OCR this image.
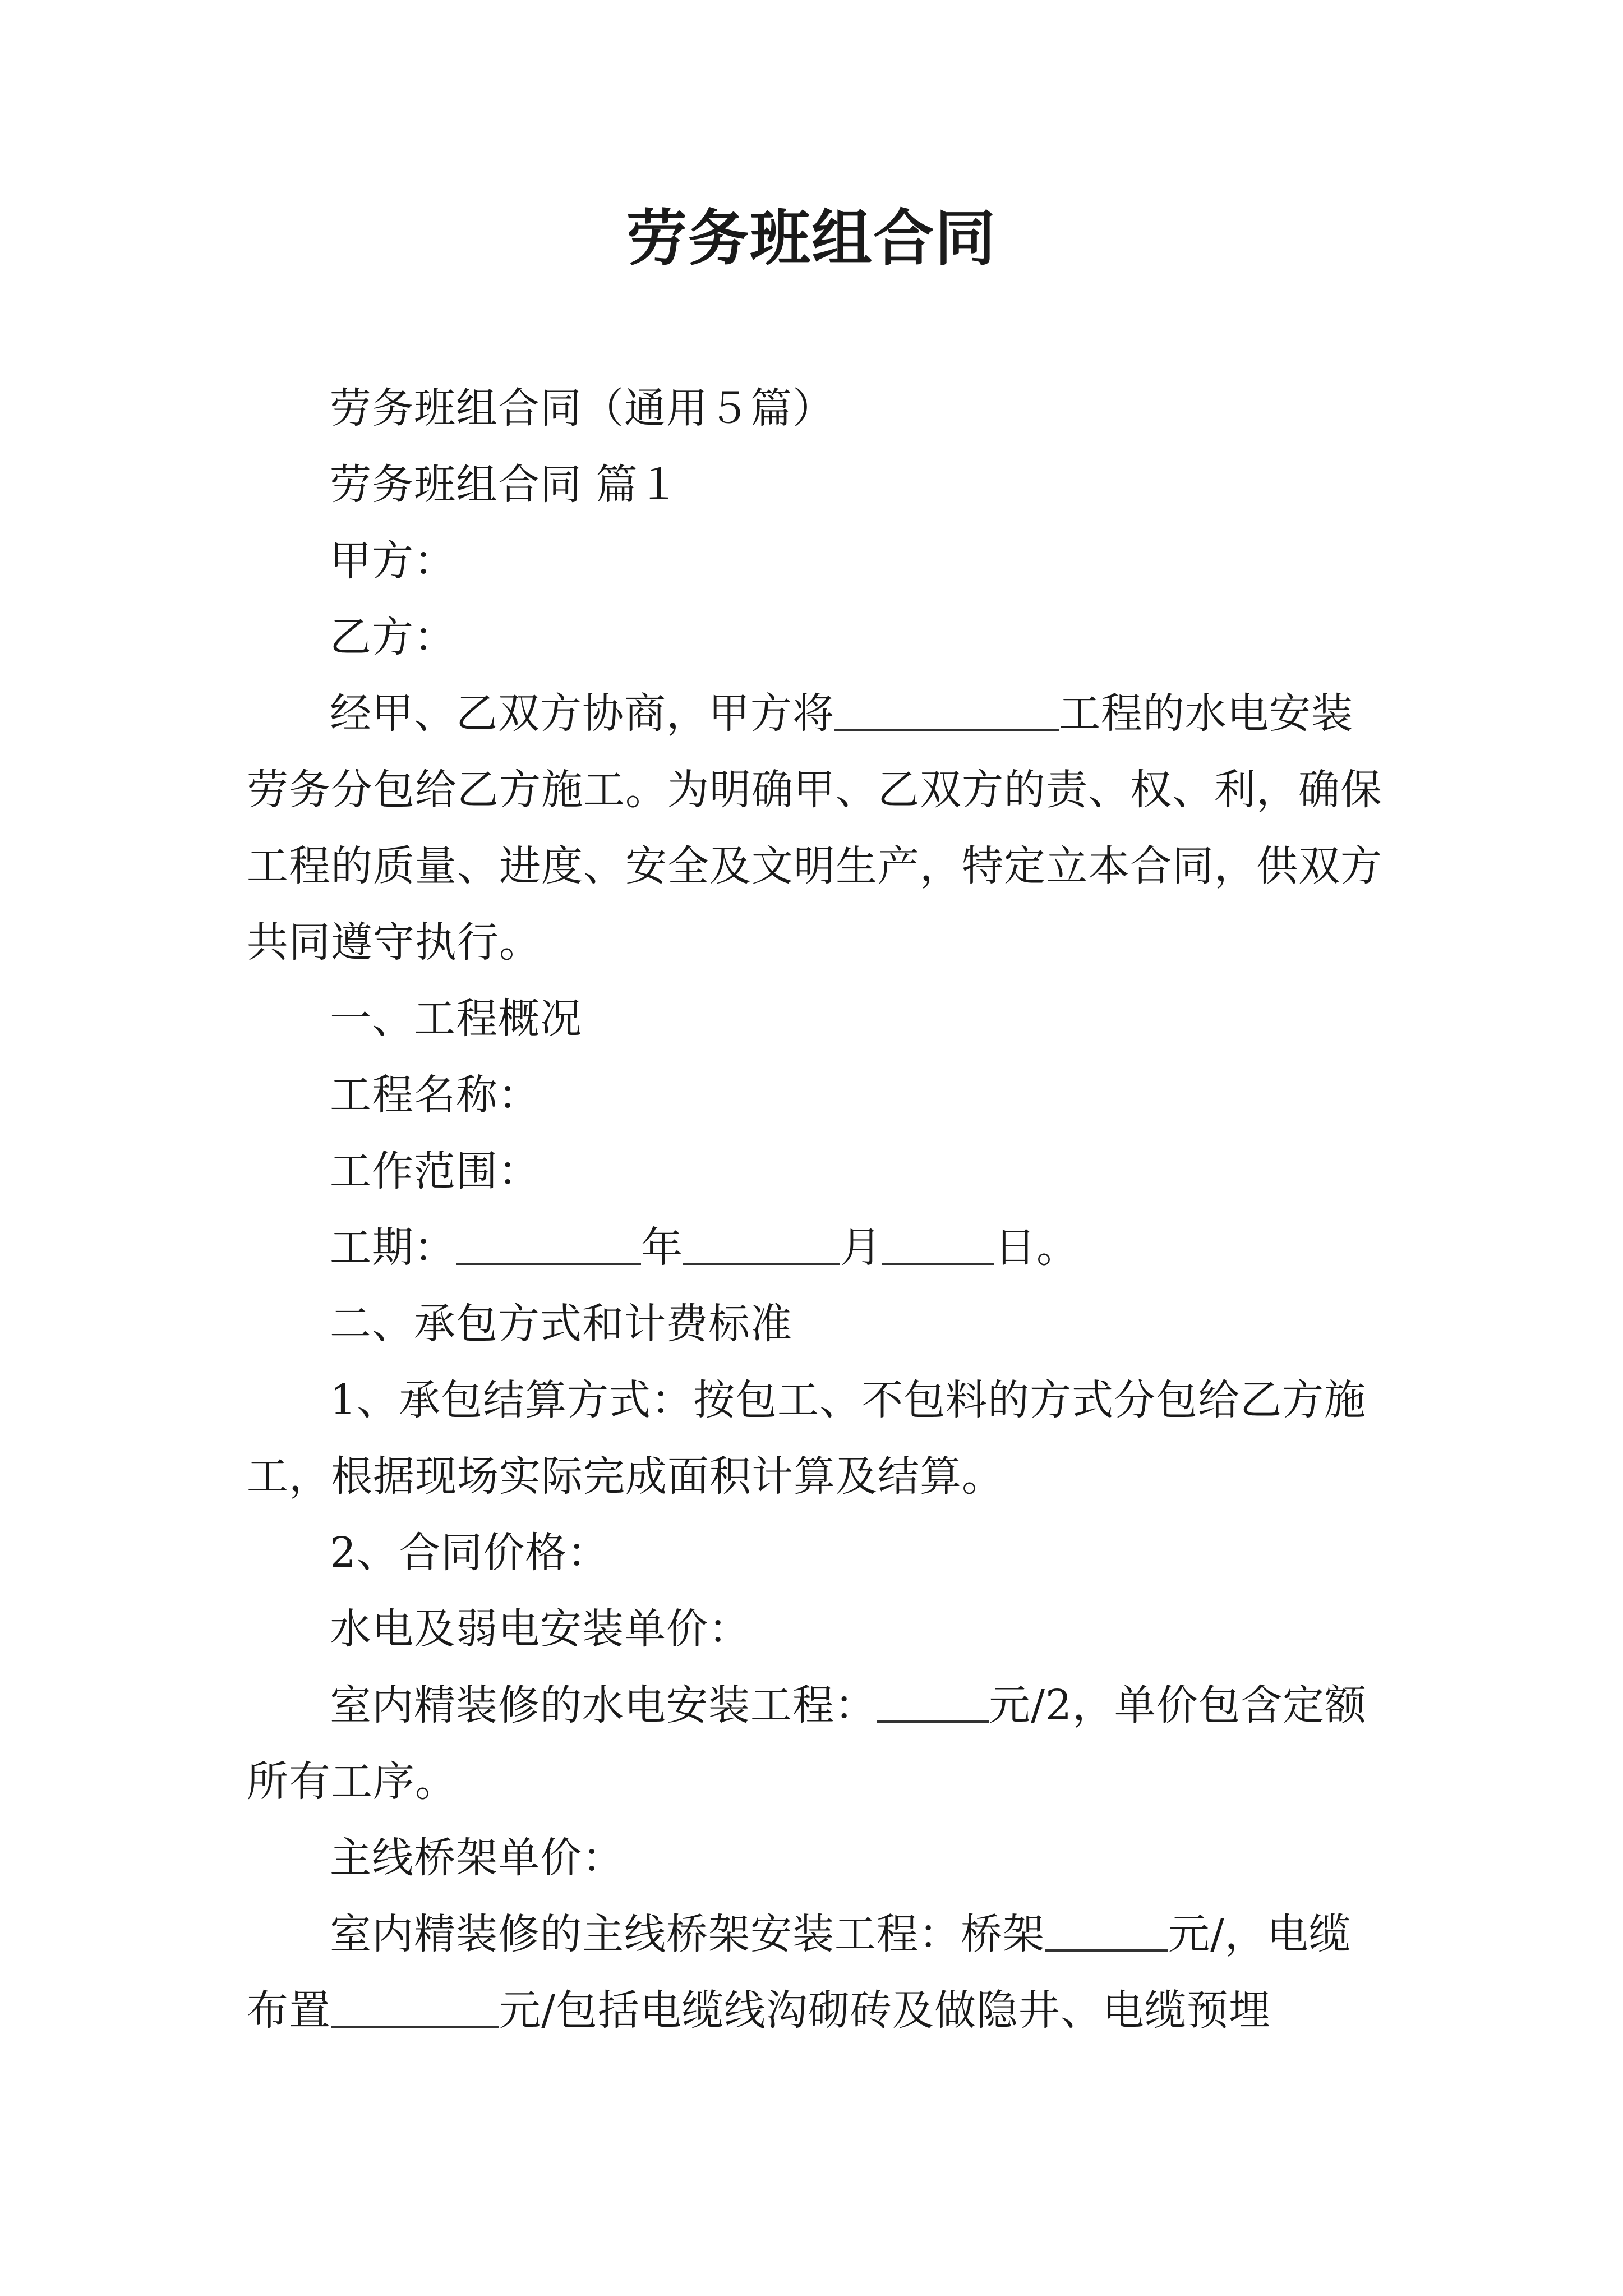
劳务班组合同

劳务班组合同（通用５篇）

劳务班组合同 篇１

甲方：

乙方：

经甲、乙双方协商，甲方将	工程的水电安装劳务分包给乙方施工。为明确甲、乙双方的责、权、利，确保工程的质量、进度、安全及文明生产，特定立本合同，供双方共同遵守执行。

一、工程概况

工程名称：

工作范围：

工期：	年	月	日。

二、承包方式和计费标准

1、承包结算方式：按包工、不包料的方式分包给乙方施工，根据现场实际完成面积计算及结算。

2、合同价格：

水电及弱电安装单价：

室内精装修的水电安装工程：	元/2，单价包含定额所有工序。

主线桥架单价：

室内精装修的主线桥架安装工程：桥架	元/，电缆布置	元/包括电缆线沟砌砖及做隐井、电缆预埋
